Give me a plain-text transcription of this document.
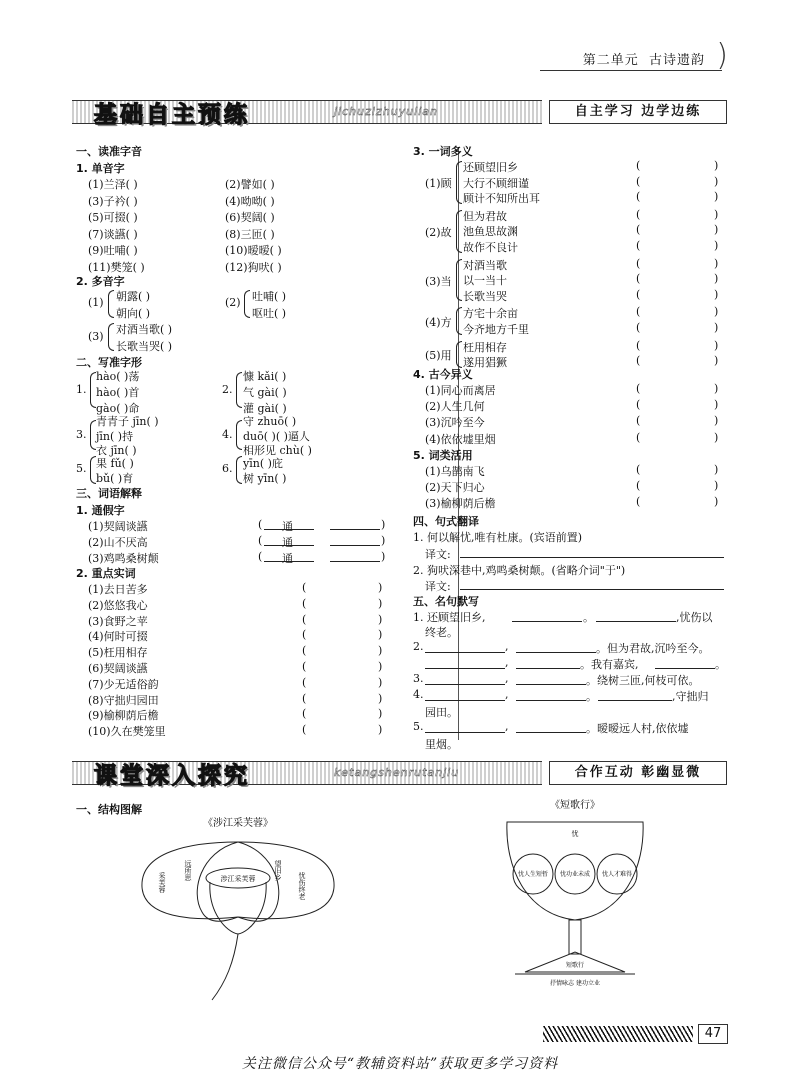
第二单元 古诗遗韵 )
基础自主预练	jichuzizhuyulian	自主学习 边学边练
一、读准字音
1. 单音字
(1)兰泽( )	(2)譬如( )
(3)子衿( )	(4)呦呦( )
(5)可掇( )	(6)契阔( )
(7)谈讌( )	(8)三匝( )
(9)吐哺( )	(10)暧暧( )
(11)樊笼( )	(12)狗吠( )
2. 多音字
(1) 朝露( )
朝向( )
(2) 吐哺( )
呕吐( )
(3)
对酒当歌( )
长歌当哭( )
二、写准字形
1.
hào( )荡
hào( )首
gào( )命
慷 kǎi( )
2. 气 gài( )
灌 gài( )
青青子 jīn( )
3. jīn( )持
衣 jīn( )
守 zhuō( )
4. duō( )( )逼人
相形见 chù( )
5. 果 fǔ( )
bǔ( )育
6. yīn( )庇
树 yīn( )
三、词语解释
1. 通假字
(1)契阔谈讌	( 通	)
(2)山不厌高	( 通	)
(3)鸡鸣桑树颠	( 通	)
2. 重点实词
(1)去日苦多	(	)
(2)悠悠我心	(	)
(3)食野之苹	(	)
(4)何时可掇	(	)
(5)枉用相存	(	)
(6)契阔谈讌	(	)
(7)少无适俗韵	(	)
(8)守拙归园田	(	)
(9)榆柳荫后檐	(	)
(10)久在樊笼里	(	)
3. 一词多义
(1)顾
还顾望旧乡	(	)
大行不顾细谨	(	)
顾计不知所出耳	(	)
(2)故
但为君故	(	)
池鱼思故渊	(	)
故作不良计	(	)
(3)当
对酒当歌	(	)
以一当十	(	)
长歌当哭	(	)
(4)方
方宅十余亩	(	)
今齐地方千里	(	)
(5)用
枉用相存	(	)
遂用猖獗	(	)
4. 古今异义
(1)同心而离居	(	)
(2)人生几何	(	)
(3)沉吟至今	(	)
(4)依依墟里烟	(	)
5. 词类活用
(1)乌鹊南飞	(	)
(2)天下归心	(	)
(3)榆柳荫后檐	(	)
四、句式翻译
1. 何以解忧,唯有杜康。(宾语前置)
译文:
2. 狗吠深巷中,鸡鸣桑树颠。(省略介词"于")
译文:
五、名句默写
1. 还顾望旧乡,	。	,忧伤以
终老。
2.	,	。但为君故,沉吟至今。
,	。我有嘉宾,	。
3.	,	。绕树三匝,何枝可依。
4.	,	。	,守拙归
园田。
5.	,	。暧暧远人村,依依墟
里烟。
课堂深入探究	ketangshenrutanjiu	合作互动 彰幽显微
一、结构图解
《涉江采芙蓉》
涉江采芙蓉
采芙蓉
远所思	望旧乡
忧伤终老
《短歌行》
忧
忧人生短暂 忧功业未成 忧人才难得
短歌行
抒情咏志 建功立业
47
关注微信公众号“教辅资料站”获取更多学习资料
